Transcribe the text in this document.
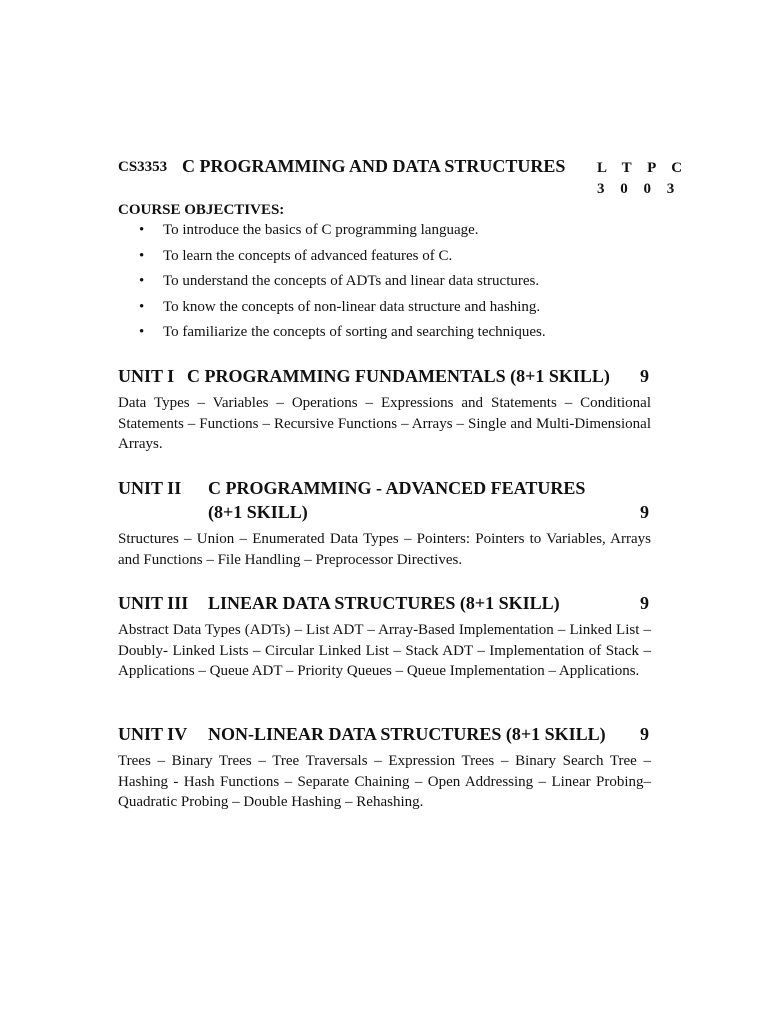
CS3353 C PROGRAMMING AND DATA STRUCTURES L T P C
3 0 0 3
COURSE OBJECTIVES:
• To introduce the basics of C programming language.
• To learn the concepts of advanced features of C.
• To understand the concepts of ADTs and linear data structures.
• To know the concepts of non-linear data structure and hashing.
• To familiarize the concepts of sorting and searching techniques.
UNIT I C PROGRAMMING FUNDAMENTALS (8+1 SKILL) 9
Data Types – Variables – Operations – Expressions and Statements – Conditional Statements – Functions – Recursive Functions – Arrays – Single and Multi-Dimensional Arrays.
UNIT II C PROGRAMMING - ADVANCED FEATURES
(8+1 SKILL)	9
Structures – Union – Enumerated Data Types – Pointers: Pointers to Variables, Arrays and Functions – File Handling – Preprocessor Directives.
UNIT III LINEAR DATA STRUCTURES (8+1 SKILL)	9
Abstract Data Types (ADTs) – List ADT – Array-Based Implementation – Linked List – Doubly- Linked Lists – Circular Linked List – Stack ADT – Implementation of Stack – Applications – Queue ADT – Priority Queues – Queue Implementation – Applications.
UNIT IV NON-LINEAR DATA STRUCTURES (8+1 SKILL) 9
Trees – Binary Trees – Tree Traversals – Expression Trees – Binary Search Tree – Hashing - Hash Functions – Separate Chaining – Open Addressing – Linear Probing– Quadratic Probing – Double Hashing – Rehashing.
